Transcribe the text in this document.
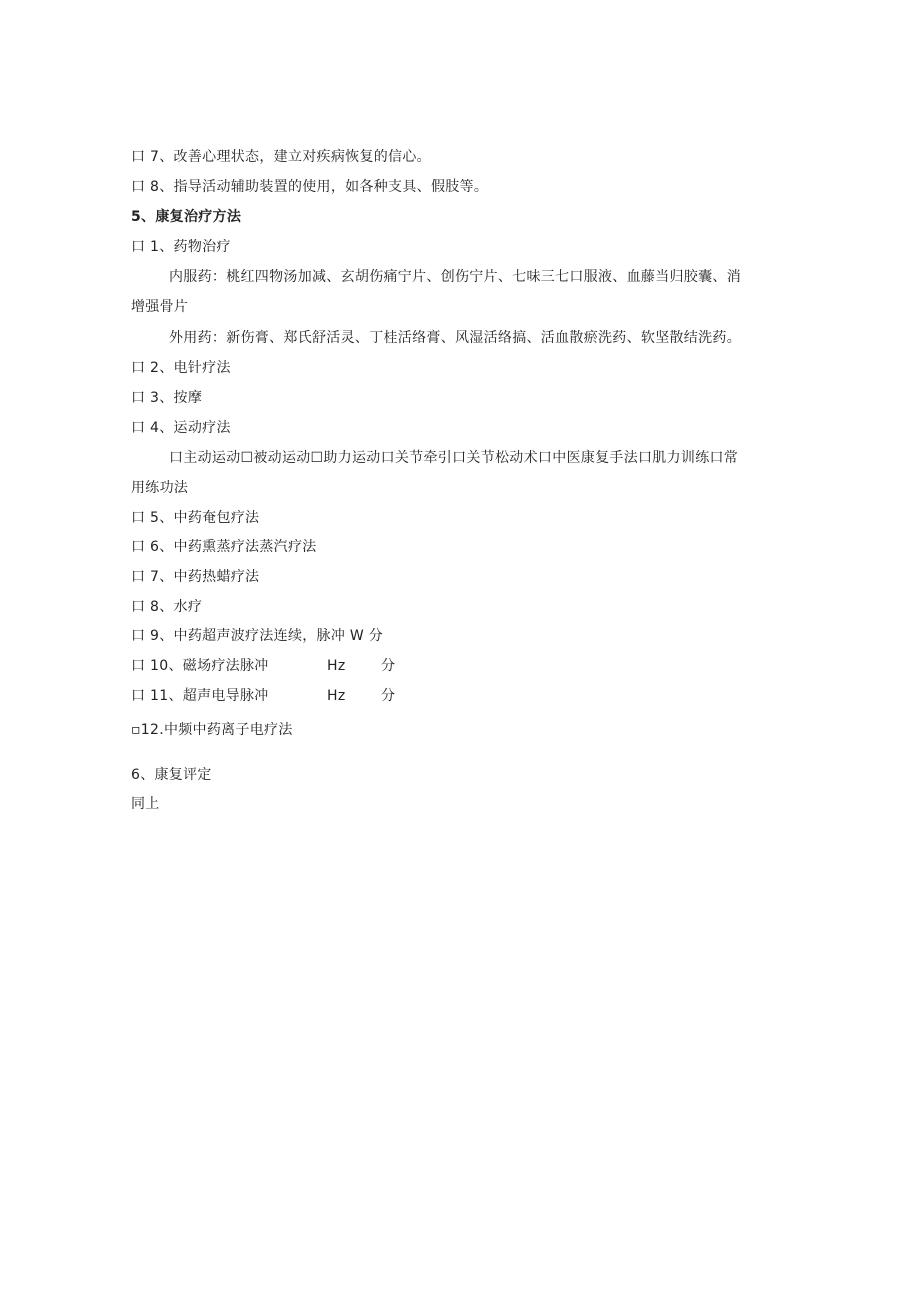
口 7、改善心理状态，建立对疾病恢复的信心。
口 8、指导活动辅助装置的使用，如各种支具、假肢等。
5、康复治疗方法
口 1、药物治疗
内服药：桃红四物汤加减、玄胡伤痛宁片、创伤宁片、七味三七口服液、血藤当归胶囊、消
增强骨片
外用药：新伤膏、郑氏舒活灵、丁桂活络膏、风湿活络搞、活血散瘀洗药、软坚散结洗药。
口 2、电针疗法
口 3、按摩
口 4、运动疗法
口主动运动☐被动运动☐助力运动口关节牵引口关节松动术口中医康复手法口肌力训练口常
用练功法
口 5、中药奄包疗法
口 6、中药熏蒸疗法蒸汽疗法
口 7、中药热蜡疗法
口 8、水疗
口 9、中药超声波疗法连续，脉冲 W 分
口 10、磁场疗法脉冲	Hz	分
口 11、超声电导脉冲	Hz	分
▫12.中频中药离子电疗法
6、康复评定
同上
